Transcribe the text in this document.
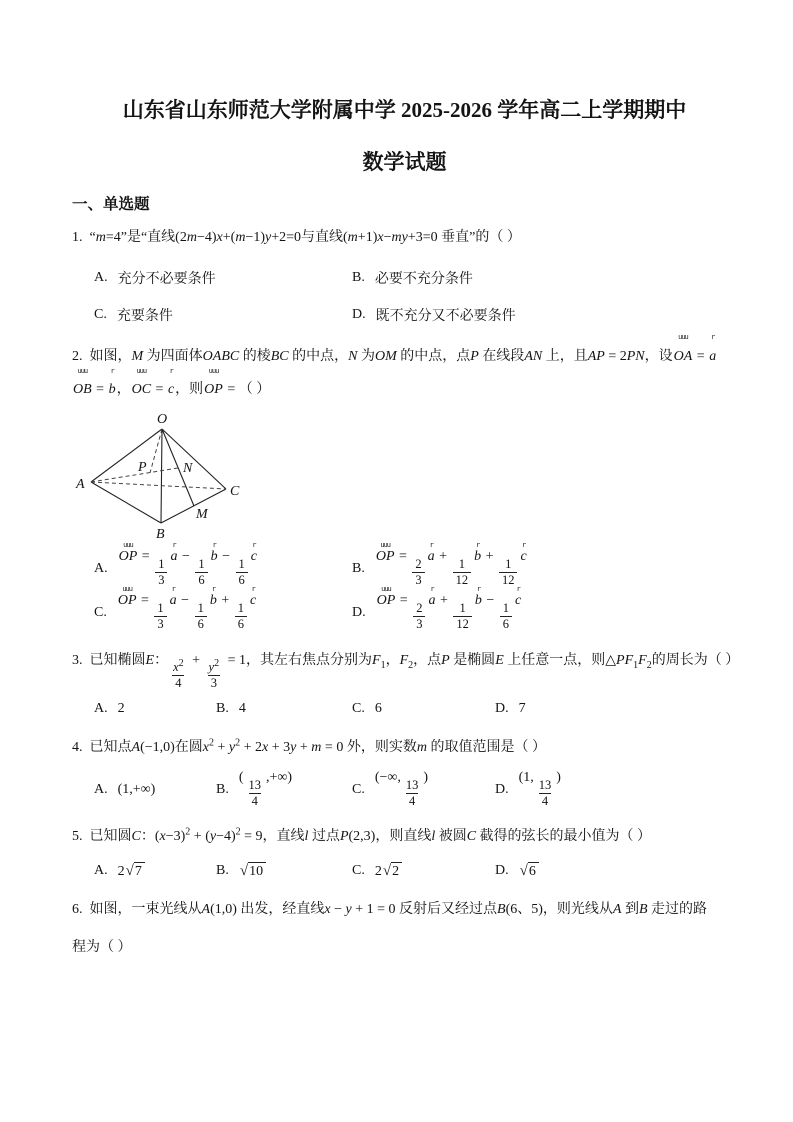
山东省山东师范大学附属中学 2025-2026 学年高二上学期期中
数学试题
一、单选题
1. “m=4”是“直线(2m−4)x+(m−1)y+2=0与直线(m+1)x−my+3=0 垂直”的（ ）
A. 充分不必要条件	B. 必要不充分条件
C. 充要条件	D. 既不充分又不必要条件
2. 如图，M 为四面体OABC 的棱BC 的中点，N 为OM 的中点，点P 在线段AN 上，且AP = 2PN，设
uuu
OA =
r
a
uuu
OB =
r
b，
uuu
OC =
r
c，则
uuu
OP = （ ）
O
A
B
C
M
N
P
A.
uuu
OP =
$\frac{1}{3}$
r
a −
$\frac{1}{6}$
r
b −
$\frac{1}{6}$
r
c
B.
uuu
OP =
$\frac{2}{3}$
r
a +
$\frac{1}{12}$
r
b +
$\frac{1}{12}$
r
c
C.
uuu
OP =
$\frac{1}{3}$
r
a −
$\frac{1}{6}$
r
b +
$\frac{1}{6}$
r
c
D.
uuu
OP =
$\frac{2}{3}$
r
a +
$\frac{1}{12}$
r
b −
$\frac{1}{6}$
r
c
3. 已知椭圆E： $\frac{x^2}{4} + \frac{y^2}{3} = 1$，其左右焦点分别为$F_1$，$F_2$，点P 是椭圆E 上任意一点，则$\triangle PF_1F_2$的周长为（ ）
A. 2	B. 4	C. 6	D. 7
4. 已知点A(−1,0)在圆$x^2 + y^2 + 2x + 3y + m = 0$ 外，则实数m 的取值范围是（ ）
A. (1,+∞)	B.
(
$\frac{13}{4}$
,+∞)
C.
(−∞,
$\frac{13}{4}$
)
D.
(1,
$\frac{13}{4}$
)
5. 已知圆C：$(x-3)^2 + (y-4)^2 = 9$，直线l 过点P(2,3)，则直线l 被圆C 截得的弦长的最小值为（ ）
A. 2 √ 7	B. √ 10	C. 2 √ 2	D. √ 6
6. 如图，一束光线从A(1,0) 出发，经直线x − y + 1 = 0 反射后又经过点B(6、5)，则光线从A 到B 走过的路
程为（ ）
